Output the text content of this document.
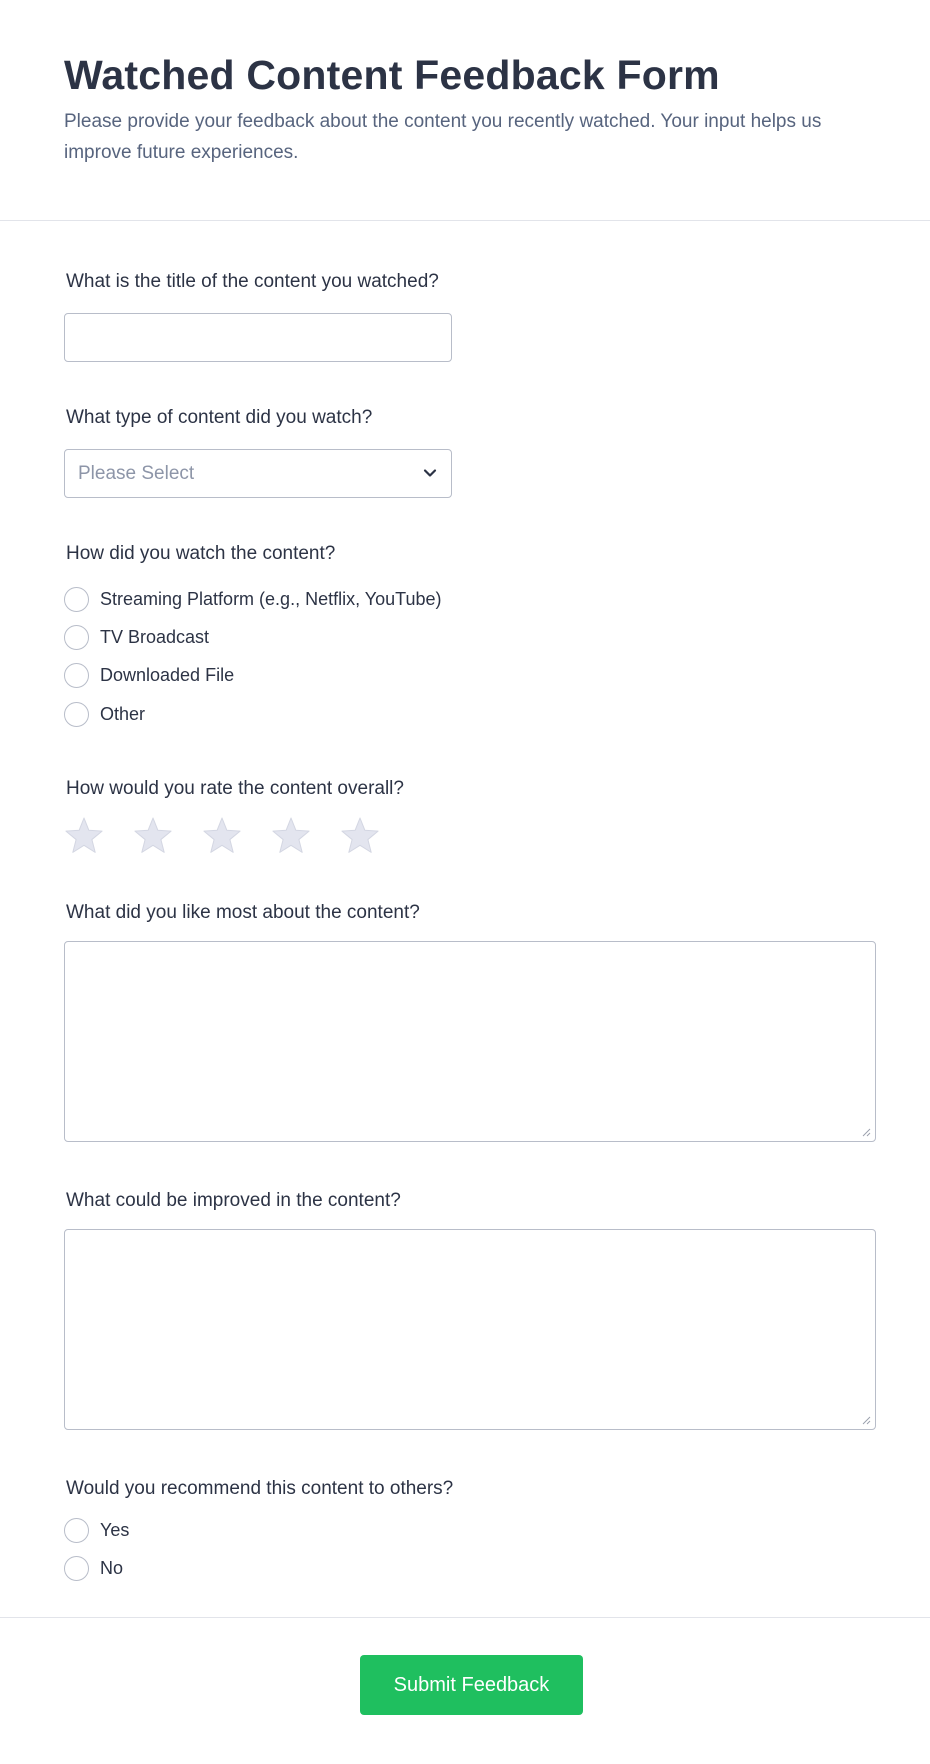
Watched Content Feedback Form

Please provide your feedback about the content you recently watched. Your input helps us improve future experiences.

What is the title of the content you watched?
What type of content did you watch?
Please Select
How did you watch the content?
Streaming Platform (e.g., Netflix, YouTube)
TV Broadcast
Downloaded File
Other
How would you rate the content overall?
What did you like most about the content?
What could be improved in the content?
Would you recommend this content to others?
Yes
No
Submit Feedback
